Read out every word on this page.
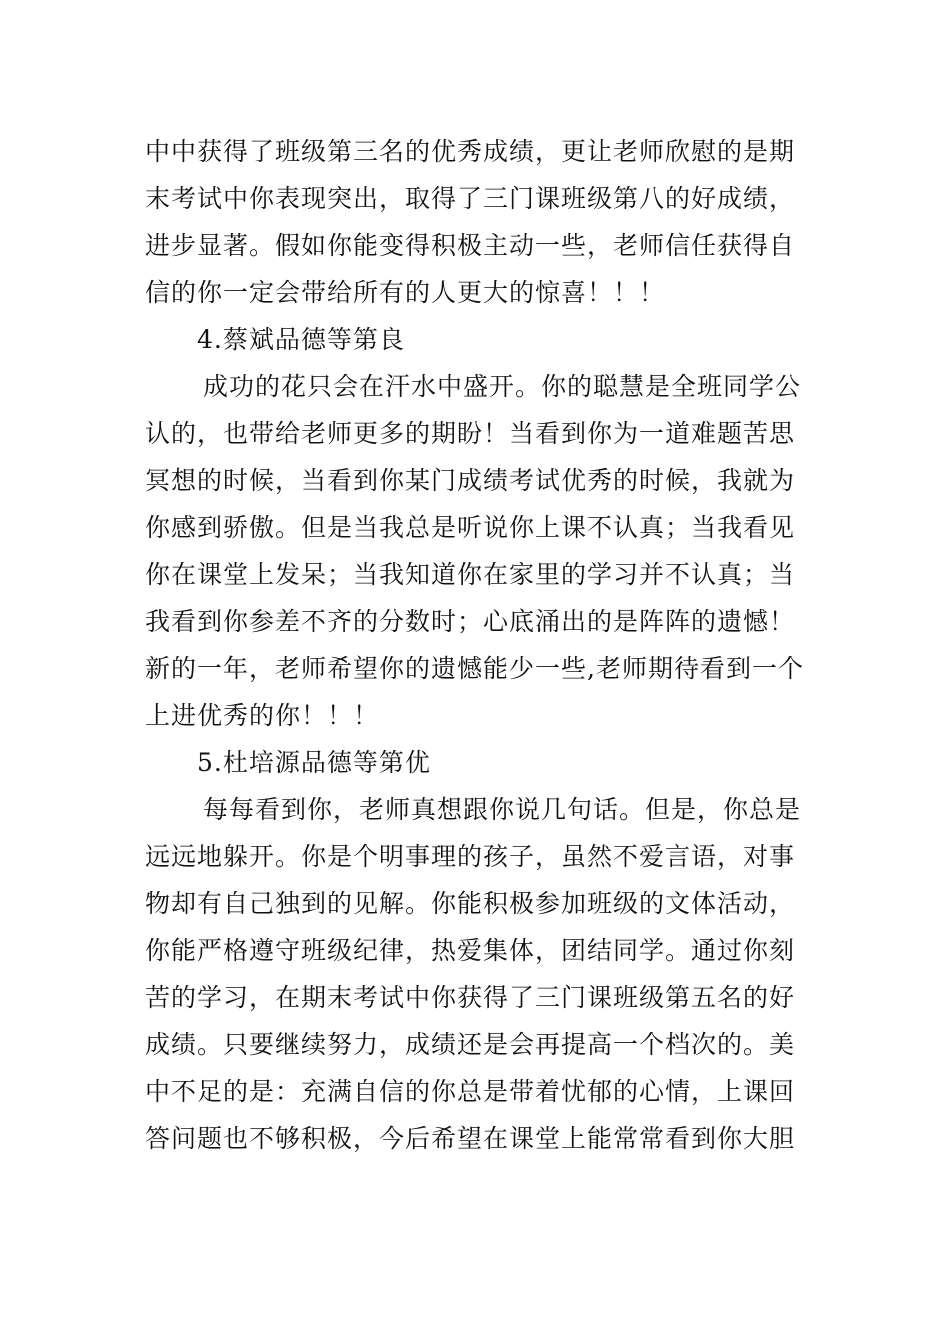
中中获得了班级第三名的优秀成绩，更让老师欣慰的是期
末考试中你表现突出，取得了三门课班级第八的好成绩，
进步显著。假如你能变得积极主动一些，老师信任获得自
信的你一定会带给所有的人更大的惊喜！！！
4.蔡斌品德等第良
成功的花只会在汗水中盛开。你的聪慧是全班同学公
认的，也带给老师更多的期盼！当看到你为一道难题苦思
冥想的时候，当看到你某门成绩考试优秀的时候，我就为
你感到骄傲。但是当我总是听说你上课不认真；当我看见
你在课堂上发呆；当我知道你在家里的学习并不认真；当
我看到你参差不齐的分数时；心底涌出的是阵阵的遗憾！
新的一年，老师希望你的遗憾能少一些,老师期待看到一个
上进优秀的你！！！
5.杜培源品德等第优
每每看到你，老师真想跟你说几句话。但是，你总是
远远地躲开。你是个明事理的孩子，虽然不爱言语，对事
物却有自己独到的见解。你能积极参加班级的文体活动，
你能严格遵守班级纪律，热爱集体，团结同学。通过你刻
苦的学习，在期末考试中你获得了三门课班级第五名的好
成绩。只要继续努力，成绩还是会再提高一个档次的。美
中不足的是：充满自信的你总是带着忧郁的心情，上课回
答问题也不够积极，今后希望在课堂上能常常看到你大胆
